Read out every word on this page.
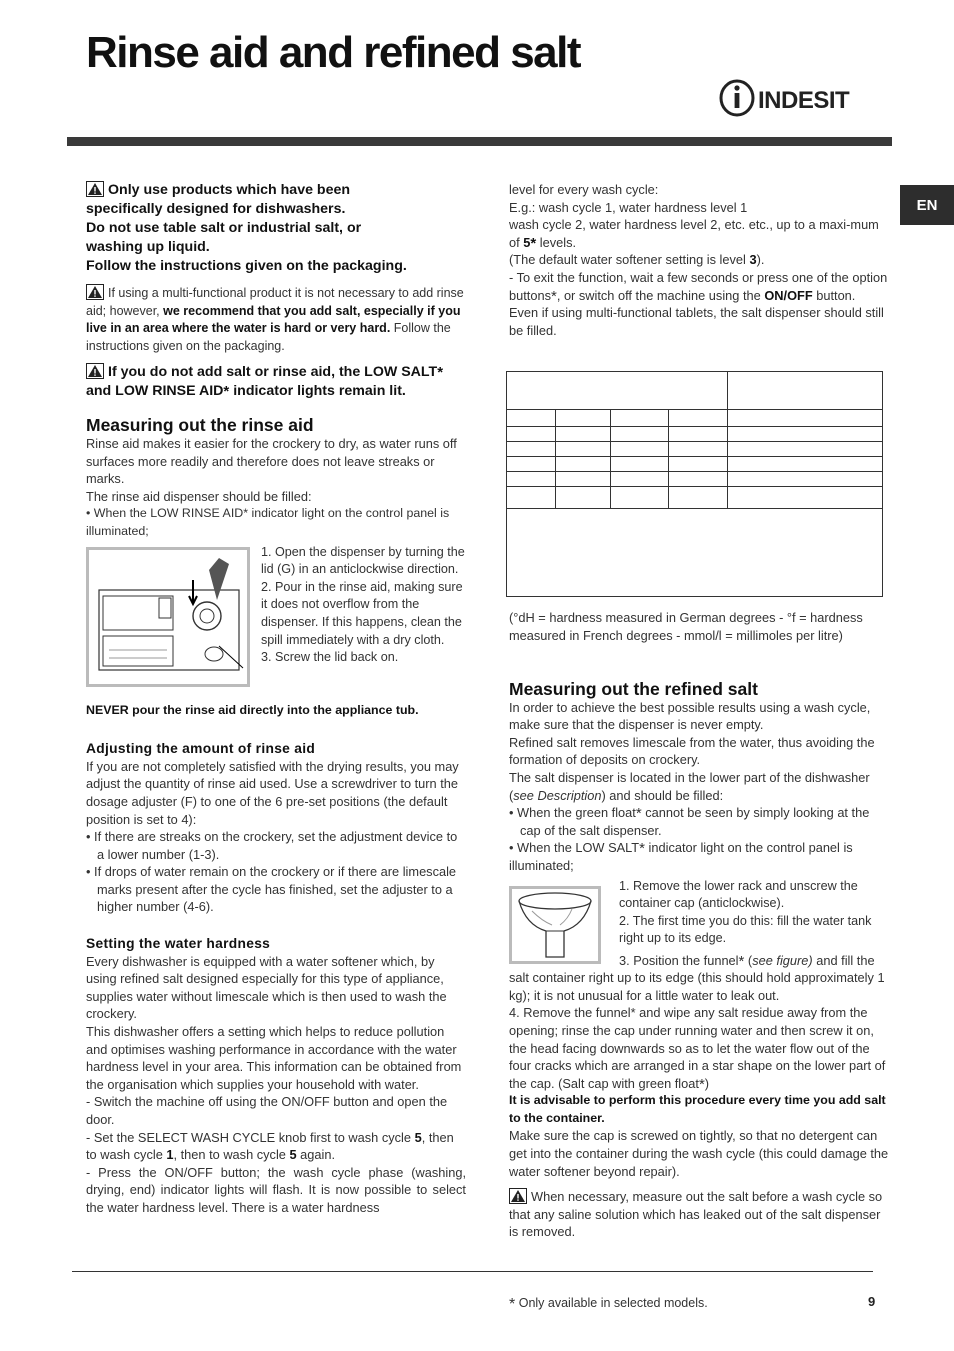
Rinse aid and refined salt
INDESIT
EN

Only use products which have been
specifically designed for dishwashers.
Do not use table salt or industrial salt, or
washing up liquid.
Follow the instructions given on the packaging.

If using a multi-functional product it is not necessary to add rinse aid; however, we recommend that you add salt, especially if you live in an area where the water is hard or very hard. Follow the instructions given on the packaging.

If you do not add salt or rinse aid, the LOW SALT* and LOW RINSE AID* indicator lights remain lit.

Measuring out the rinse aid

Rinse aid makes it easier for the crockery to dry, as water runs off surfaces more readily and therefore does not leave streaks or marks.

The rinse aid dispenser should be filled:

• When the LOW RINSE AID* indicator light on the control panel is illuminated;

1. Open the dispenser by turning the lid (G) in an anticlockwise direction.

2. Pour in the rinse aid, making sure it does not overflow from the dispenser. If this happens, clean the spill immediately with a dry cloth.

3. Screw the lid back on.

NEVER pour the rinse aid directly into the appliance tub.

Adjusting the amount of rinse aid

If you are not completely satisfied with the drying results, you may adjust the quantity of rinse aid used. Use a screwdriver to turn the dosage adjuster (F) to one of the 6 pre-set positions (the default position is set to 4):

• If there are streaks on the crockery, set the adjustment device to a lower number (1-3).

• If drops of water remain on the crockery or if there are limescale marks present after the cycle has finished, set the adjuster to a higher number (4-6).

Setting the water hardness

Every dishwasher is equipped with a water softener which, by using refined salt designed especially for this type of appliance, supplies water without limescale which is then used to wash the crockery.

This dishwasher offers a setting which helps to reduce pollution and optimises washing performance in accordance with the water hardness level in your area. This information can be obtained from the organisation which supplies your household with water.

- Switch the machine off using the ON/OFF button and open the door.

- Set the SELECT WASH CYCLE knob first to wash cycle 5, then to wash cycle 1, then to wash cycle 5 again.

- Press the ON/OFF button; the wash cycle phase (washing, drying, end) indicator lights will flash. It is now possible to select the water hardness level. There is a water hardness

level for every wash cycle:

E.g.: wash cycle 1, water hardness level 1

wash cycle 2, water hardness level 2, etc. etc., up to a maxi-mum of 5* levels.

(The default water softener setting is level 3).

- To exit the function, wait a few seconds or press one of the option buttons*, or switch off the machine using the ON/OFF button.

Even if using multi-functional tablets, the salt dispenser should still be filled.

(°dH = hardness measured in German degrees - °f = hardness measured in French degrees - mmol/l = millimoles per litre)

Measuring out the refined salt

In order to achieve the best possible results using a wash cycle, make sure that the dispenser is never empty.

Refined salt removes limescale from the water, thus avoiding the formation of deposits on crockery.

The salt dispenser is located in the lower part of the dishwasher (see Description) and should be filled:

• When the green float* cannot be seen by simply looking at the cap of the salt dispenser.

• When the LOW SALT* indicator light on the control panel is illuminated;

1. Remove the lower rack and unscrew the container cap (anticlockwise).

2. The first time you do this: fill the water tank right up to its edge.

3. Position the funnel* (see figure) and fill the salt container right up to its edge (this should hold approximately 1 kg); it is not unusual for a little water to leak out.

4. Remove the funnel* and wipe any salt residue away from the opening; rinse the cap under running water and then screw it on, the head facing downwards so as to let the water flow out of the four cracks which are arranged in a star shape on the lower part of the cap. (Salt cap with green float*)

It is advisable to perform this procedure every time you add salt to the container.

Make sure the cap is screwed on tightly, so that no detergent can get into the container during the wash cycle (this could damage the water softener beyond repair).

When necessary, measure out the salt before a wash cycle so that any saline solution which has leaked out of the salt dispenser is removed.

* Only available in selected models.	9
